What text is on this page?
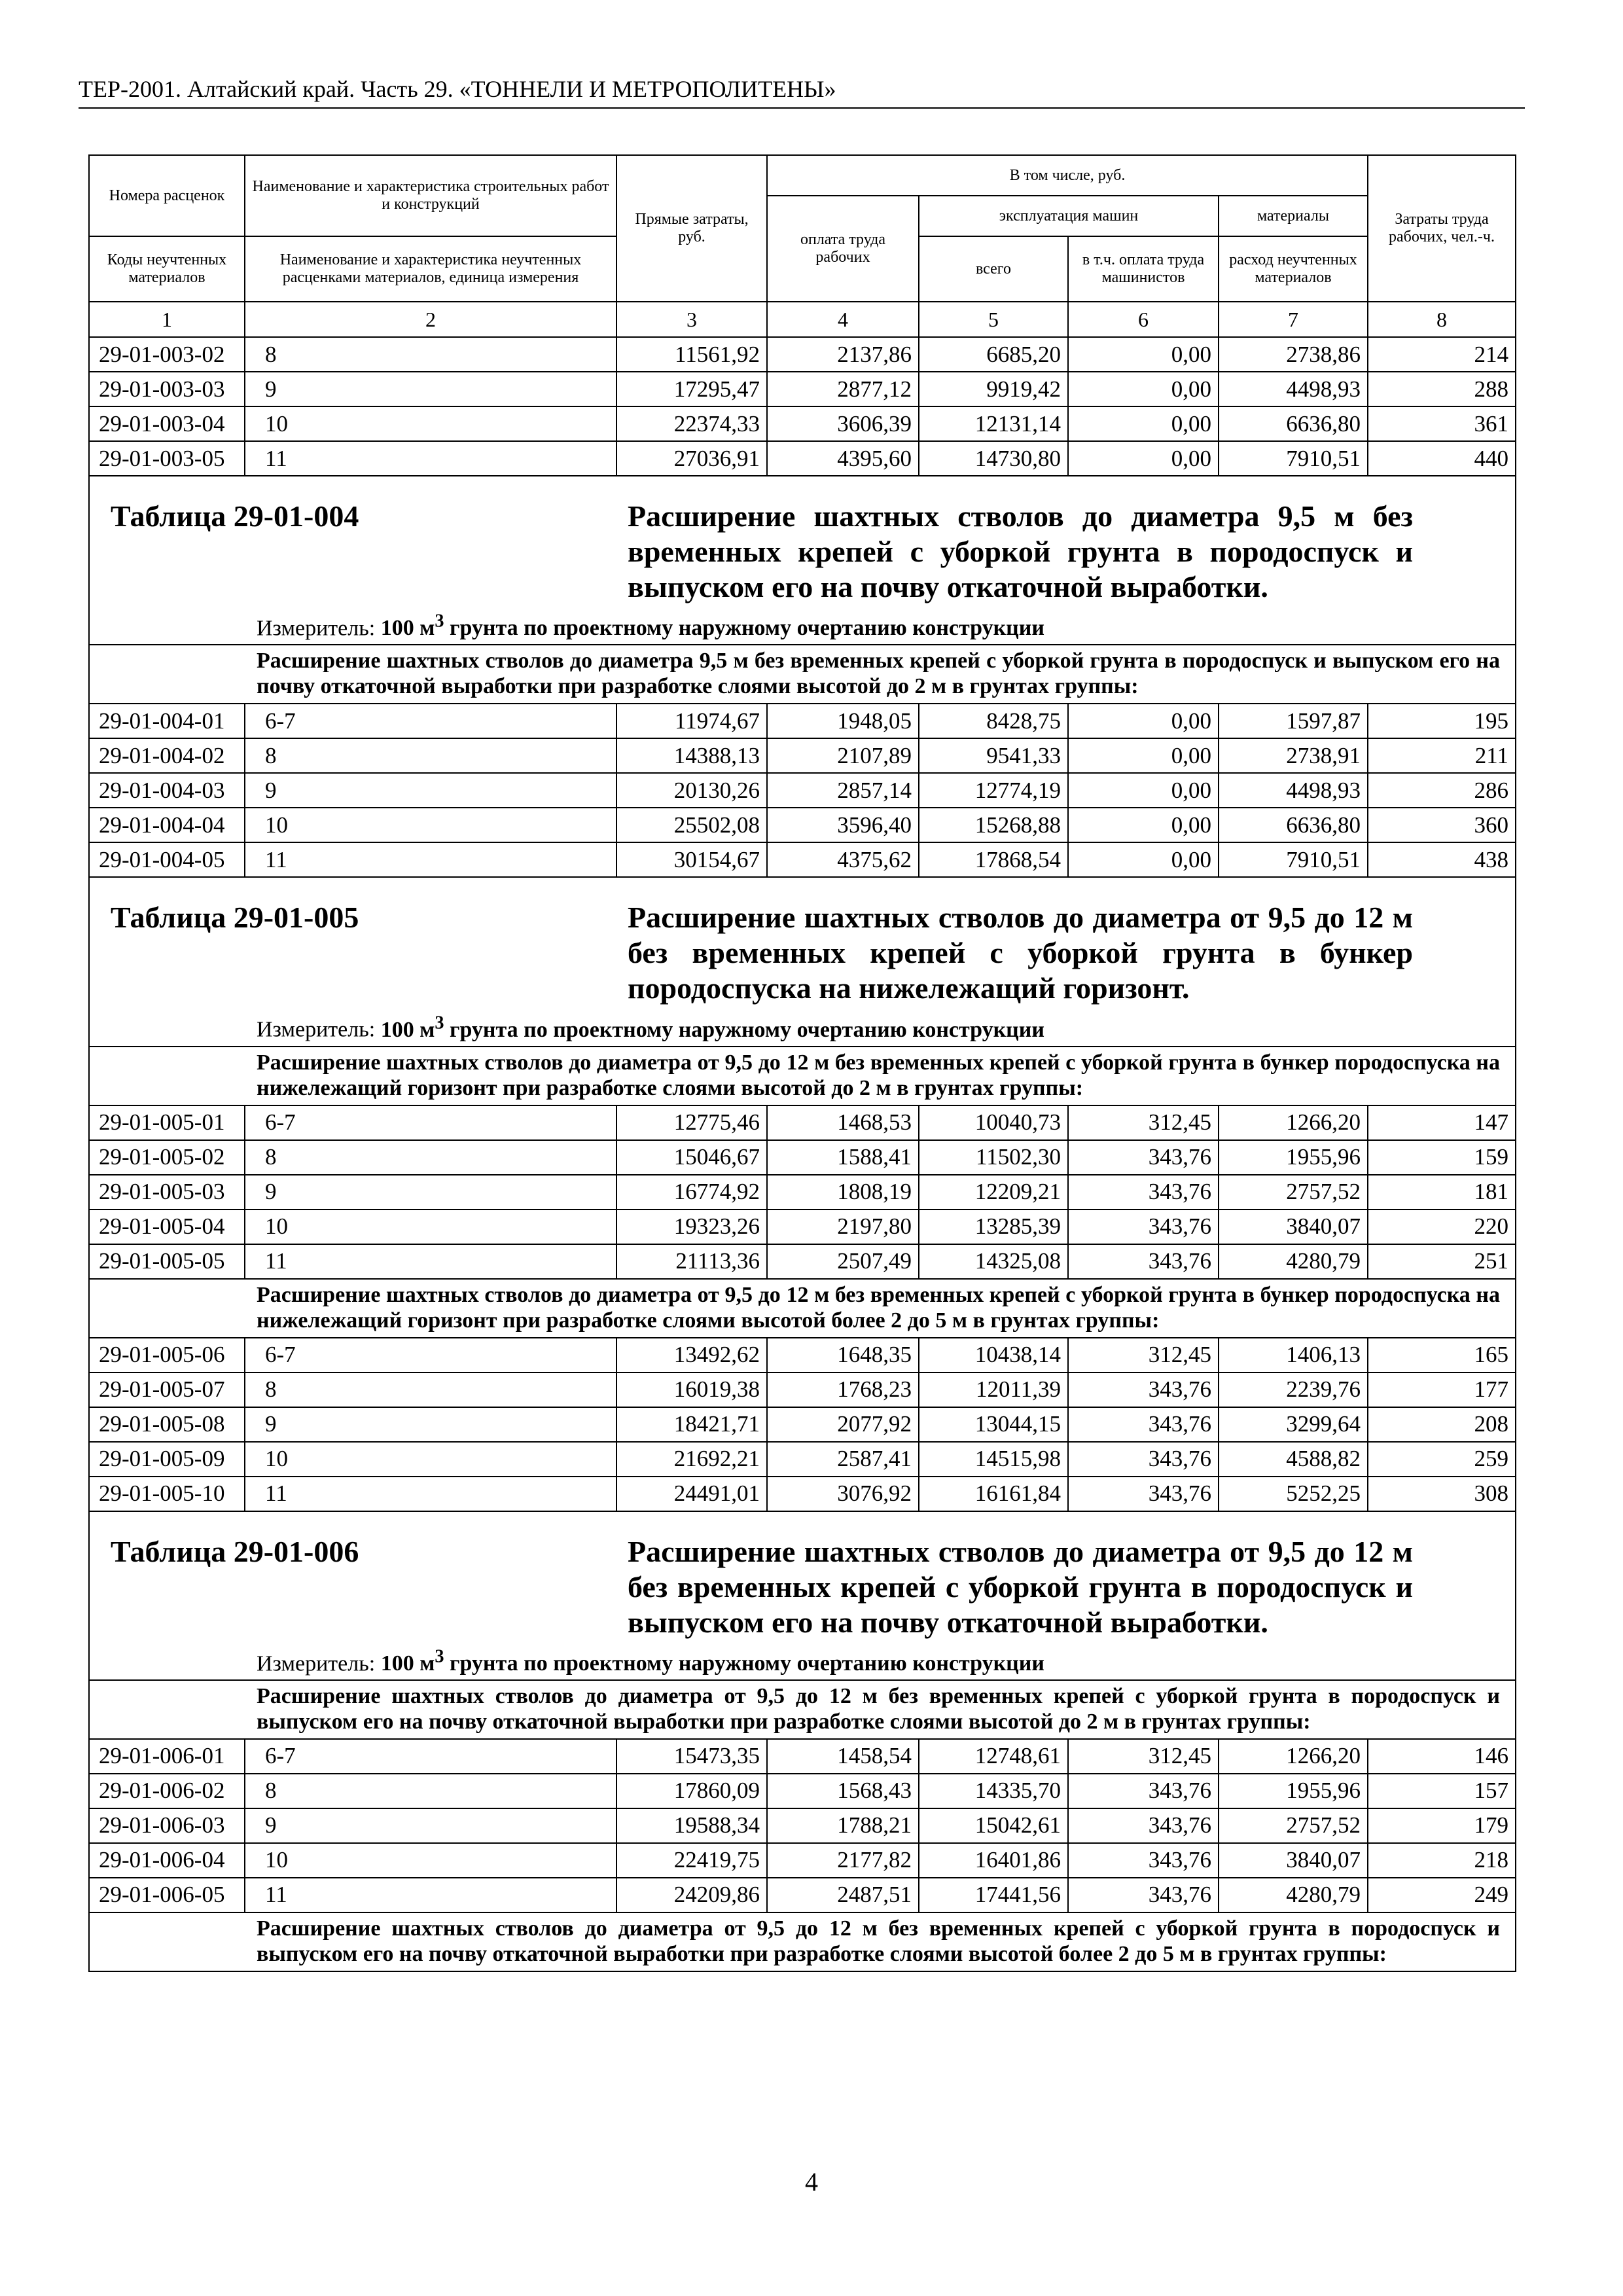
ТЕР-2001. Алтайский край. Часть 29. «ТОННЕЛИ И МЕТРОПОЛИТЕНЫ»
Номера расценок	Наименование и характеристика строительных работ и конструкций	Прямые затраты, руб.	В том числе, руб.				Затраты труда рабочих, чел.-ч.
			оплата труда рабочих	эксплуатация машин		материалы	
Коды неучтенных материалов	Наименование и характеристика неучтенных расценками материалов, единица измерения			всего	в т.ч. оплата труда машинистов	расход неучтенных материалов	
1	2	3	4	5	6	7	8
29-01-003-02	8	11561,92	2137,86	6685,20	0,00	2738,86	214
29-01-003-03	9	17295,47	2877,12	9919,42	0,00	4498,93	288
29-01-003-04	10	22374,33	3606,39	12131,14	0,00	6636,80	361
29-01-003-05	11	27036,91	4395,60	14730,80	0,00	7910,51	440

Таблица 29-01-004 Расширение шахтных стволов до диаметра 9,5 м без временных крепей с уборкой грунта в породоспуск и выпуском его на почву откаточной выработки.							

Измеритель: 100 $м^3$ грунта по проектному наружному очертанию конструкции							

Расширение шахтных стволов до диаметра 9,5 м без временных крепей с уборкой грунта в породоспуск и выпуском его на почву откаточной выработки при разработке слоями высотой до 2 м в грунтах группы:							

29-01-004-01	6-7	11974,67	1948,05	8428,75	0,00	1597,87	195
29-01-004-02	8	14388,13	2107,89	9541,33	0,00	2738,91	211
29-01-004-03	9	20130,26	2857,14	12774,19	0,00	4498,93	286
29-01-004-04	10	25502,08	3596,40	15268,88	0,00	6636,80	360
29-01-004-05	11	30154,67	4375,62	17868,54	0,00	7910,51	438

Таблица 29-01-005 Расширение шахтных стволов до диаметра от 9,5 до 12 м без временных крепей с уборкой грунта в бункер породоспуска на нижележащий горизонт.							

Измеритель: 100 $м^3$ грунта по проектному наружному очертанию конструкции							

Расширение шахтных стволов до диаметра от 9,5 до 12 м без временных крепей с уборкой грунта в бункер породоспуска на нижележащий горизонт при разработке слоями высотой до 2 м в грунтах группы:							

29-01-005-01	6-7	12775,46	1468,53	10040,73	312,45	1266,20	147
29-01-005-02	8	15046,67	1588,41	11502,30	343,76	1955,96	159
29-01-005-03	9	16774,92	1808,19	12209,21	343,76	2757,52	181
29-01-005-04	10	19323,26	2197,80	13285,39	343,76	3840,07	220
29-01-005-05	11	21113,36	2507,49	14325,08	343,76	4280,79	251

Расширение шахтных стволов до диаметра от 9,5 до 12 м без временных крепей с уборкой грунта в бункер породоспуска на нижележащий горизонт при разработке слоями высотой более 2 до 5 м в грунтах группы:							

29-01-005-06	6-7	13492,62	1648,35	10438,14	312,45	1406,13	165
29-01-005-07	8	16019,38	1768,23	12011,39	343,76	2239,76	177
29-01-005-08	9	18421,71	2077,92	13044,15	343,76	3299,64	208
29-01-005-09	10	21692,21	2587,41	14515,98	343,76	4588,82	259
29-01-005-10	11	24491,01	3076,92	16161,84	343,76	5252,25	308

Таблица 29-01-006 Расширение шахтных стволов до диаметра от 9,5 до 12 м без временных крепей с уборкой грунта в породоспуск и выпуском его на почву откаточной выработки.							

Измеритель: 100 $м^3$ грунта по проектному наружному очертанию конструкции							

Расширение шахтных стволов до диаметра от 9,5 до 12 м без временных крепей с уборкой грунта в породоспуск и выпуском его на почву откаточной выработки при разработке слоями высотой до 2 м в грунтах группы:							

29-01-006-01	6-7	15473,35	1458,54	12748,61	312,45	1266,20	146
29-01-006-02	8	17860,09	1568,43	14335,70	343,76	1955,96	157
29-01-006-03	9	19588,34	1788,21	15042,61	343,76	2757,52	179
29-01-006-04	10	22419,75	2177,82	16401,86	343,76	3840,07	218
29-01-006-05	11	24209,86	2487,51	17441,56	343,76	4280,79	249

Расширение шахтных стволов до диаметра от 9,5 до 12 м без временных крепей с уборкой грунта в породоспуск и выпуском его на почву откаточной выработки при разработке слоями высотой более 2 до 5 м в грунтах группы:							
4
